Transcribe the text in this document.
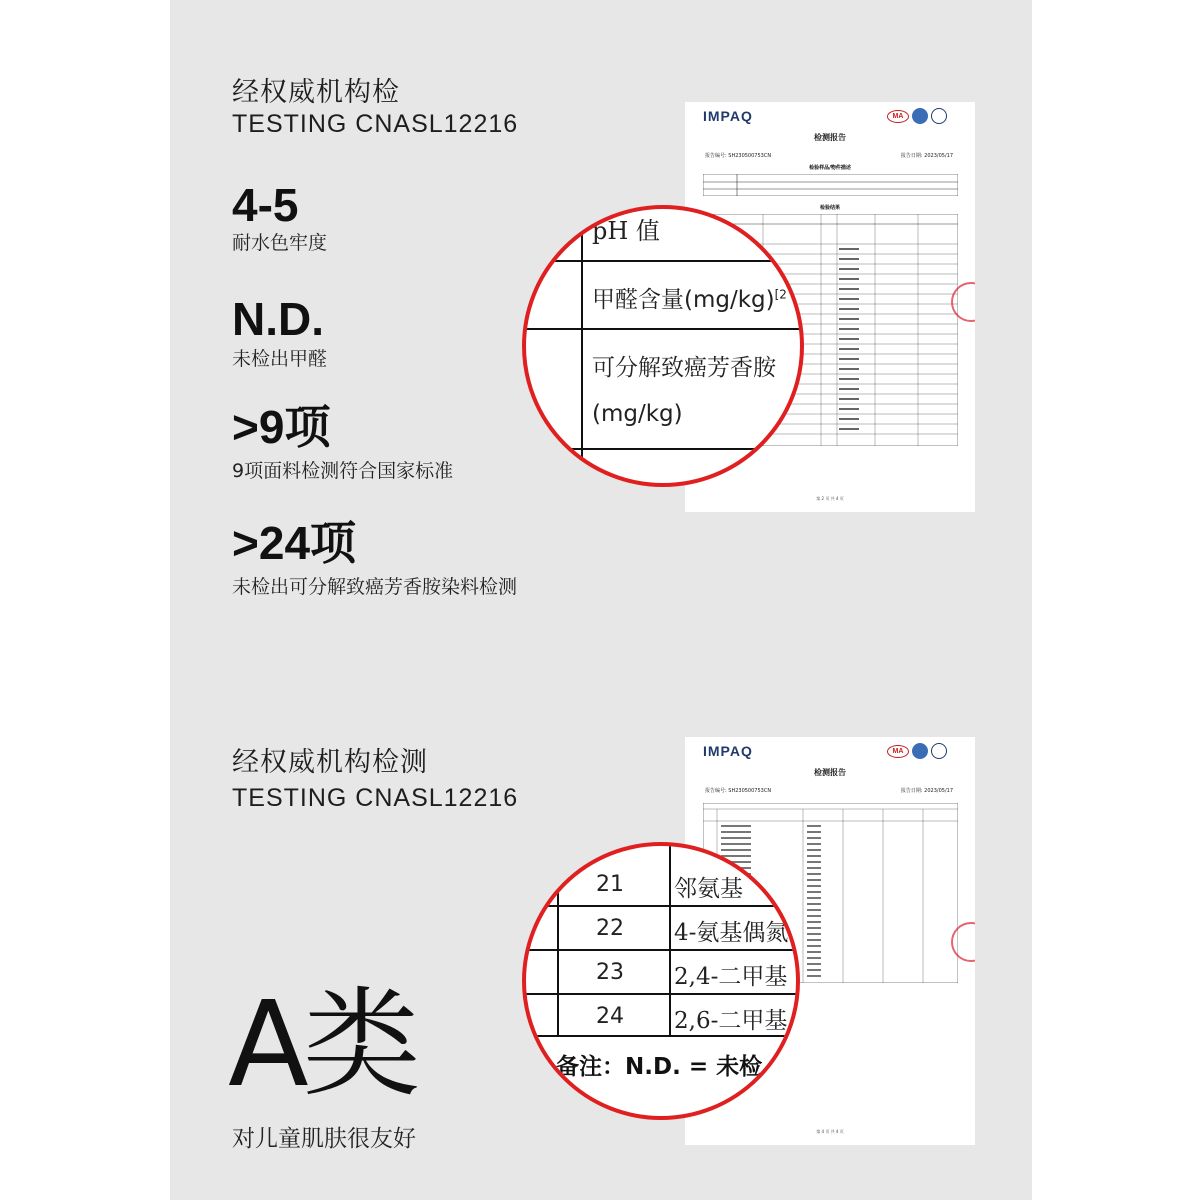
经权威机构检
TESTING CNASL12216
4-5
耐水色牢度
N.D.
未检出甲醛
>9项
9项面料检测符合国家标准
>24项
未检出可分解致癌芳香胺染料检测
IMPAQ	MA
检测报告
报告编号: SH230500753CN	报告日期: 2023/05/17
检验样品/物件描述
检验结果
第 2 页 共 4 页
pH 值
甲醛含量$(mg/kg)^{[2}$
可分解致癌芳香胺
(mg/kg)
经权威机构检测
TESTING CNASL12216
A类
对儿童肌肤很友好
IMPAQ	MA
检测报告
报告编号: SH230500753CN	报告日期: 2023/05/17
第 4 页 共 4 页
21 邻氨基
22 4-氨基偶氮
23 2,4-二甲基
24 2,6-二甲基
备注：N.D. = 未检
